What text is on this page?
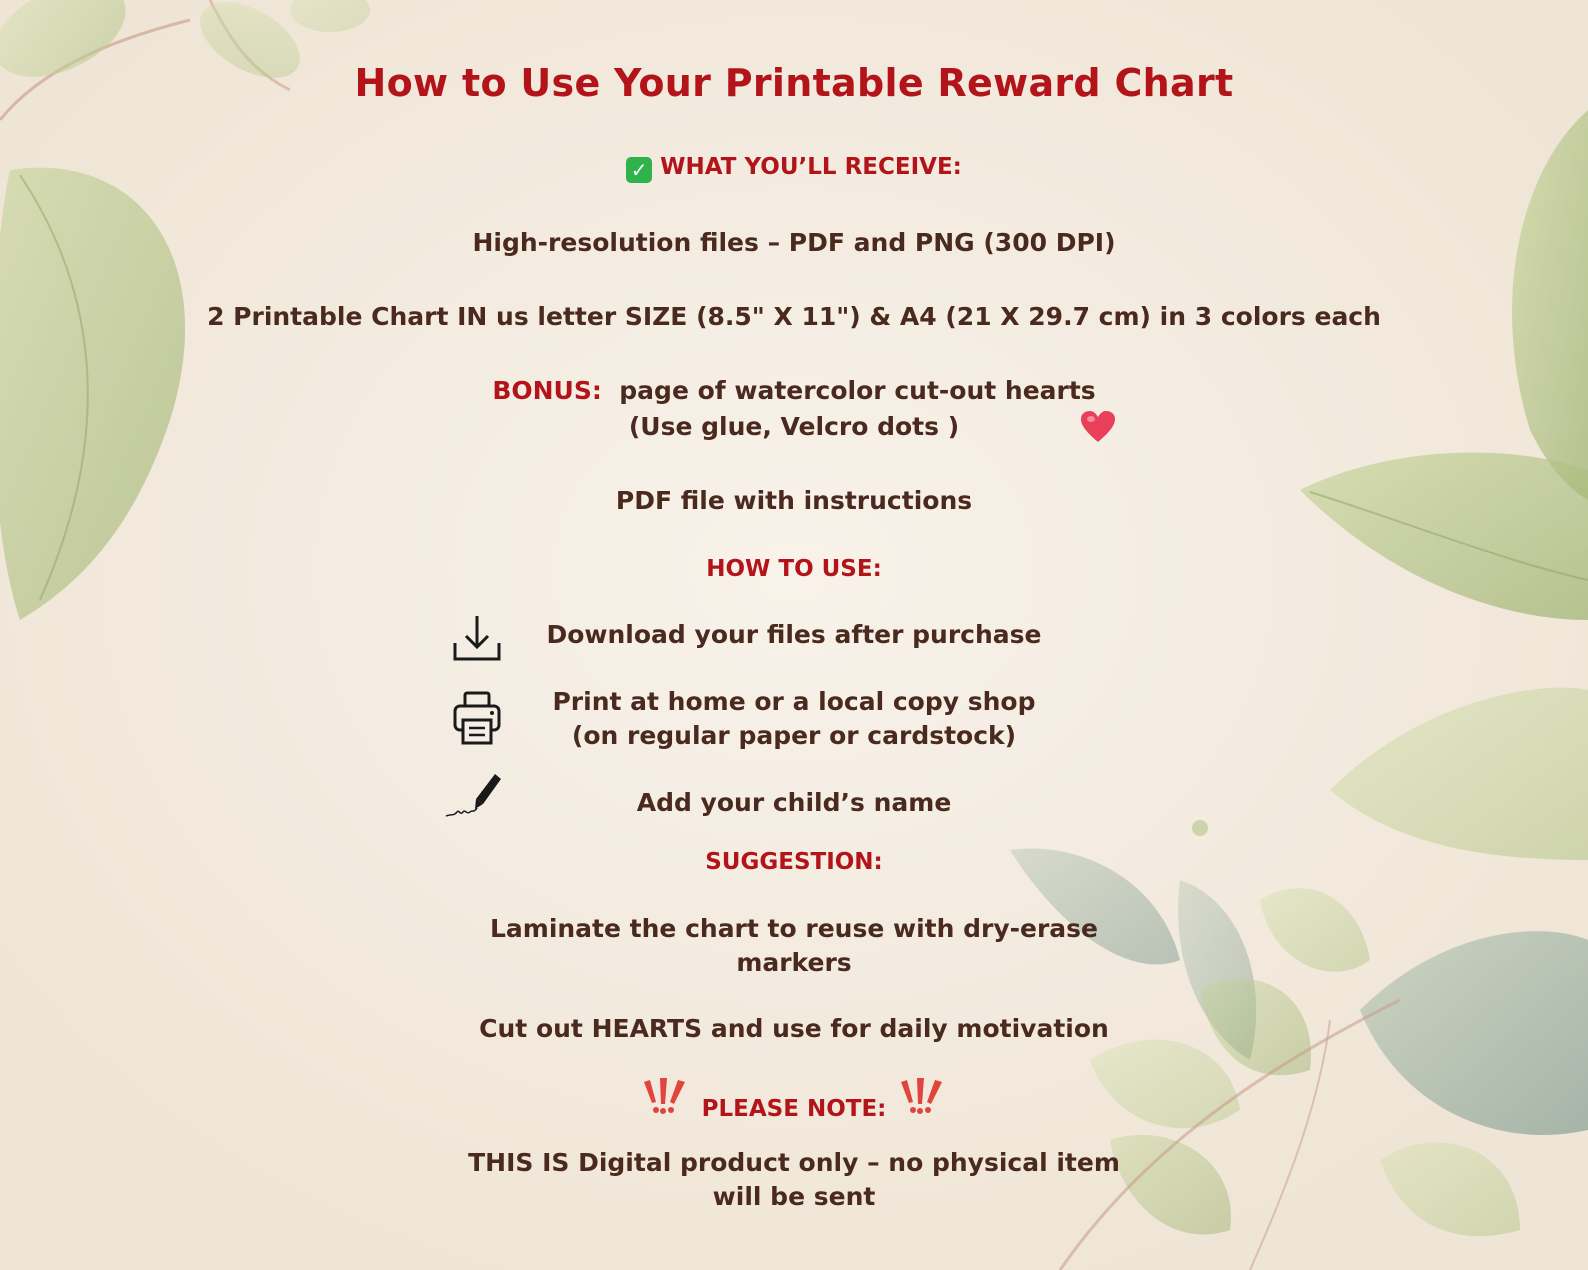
How to Use Your Printable Reward Chart
✓ WHAT YOU’LL RECEIVE:
High-resolution files – PDF and PNG (300 DPI)
2 Printable Chart IN us letter SIZE (8.5" X 11") & A4 (21 X 29.7 cm) in 3 colors each
BONUS: page of watercolor cut-out hearts
(Use glue, Velcro dots )
PDF file with instructions
HOW TO USE:
Download your files after purchase
Print at home or a local copy shop
(on regular paper or cardstock)
Add your child’s name
SUGGESTION:
Laminate the chart to reuse with dry-erase
markers
Cut out HEARTS and use for daily motivation
PLEASE NOTE:
THIS IS Digital product only – no physical item
will be sent
